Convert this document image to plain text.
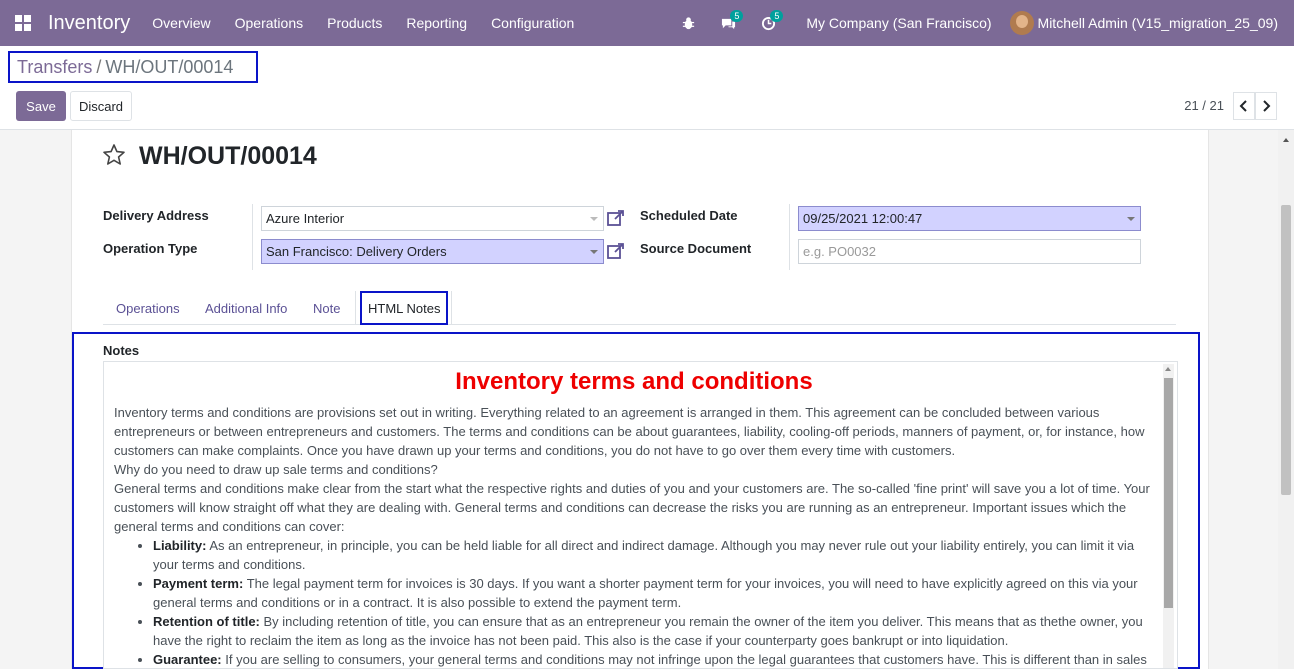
Inventory	Overview	Operations	Products	Reporting	Configuration	5	5	My Company (San Francisco)	Mitchell Admin (V15_migration_25_09)
Transfers / WH/OUT/00014
Save	Discard	21 / 21
WH/OUT/00014
Delivery Address	Azure Interior
Operation Type	San Francisco: Delivery Orders
Scheduled Date	09/25/2021 12:00:47
Source Document	e.g. PO0032
Operations Additional Info Note	HTML Notes
Notes
Inventory terms and conditions
Inventory terms and conditions are provisions set out in writing. Everything related to an agreement is arranged in them. This agreement can be concluded between various entrepreneurs or between entrepreneurs and customers. The terms and conditions can be about guarantees, liability, cooling-off periods, manners of payment, or, for instance, how customers can make complaints. Once you have drawn up your terms and conditions, you do not have to go over them every time with customers.
Why do you need to draw up sale terms and conditions?
General terms and conditions make clear from the start what the respective rights and duties of you and your customers are. The so-called 'fine print' will save you a lot of time. Your customers will know straight off what they are dealing with. General terms and conditions can decrease the risks you are running as an entrepreneur. Important issues which the general terms and conditions can cover:
• Liability: As an entrepreneur, in principle, you can be held liable for all direct and indirect damage. Although you may never rule out your liability entirely, you can limit it via your terms and conditions.
• Payment term: The legal payment term for invoices is 30 days. If you want a shorter payment term for your invoices, you will need to have explicitly agreed on this via your general terms and conditions or in a contract. It is also possible to extend the payment term.
• Retention of title: By including retention of title, you can ensure that as an entrepreneur you remain the owner of the item you deliver. This means that as thethe owner, you have the right to reclaim the item as long as the invoice has not been paid. This also is the case if your counterparty goes bankrupt or into liquidation.
• Guarantee: If you are selling to consumers, your general terms and conditions may not infringe upon the legal guarantees that customers have. This is different than in sales
